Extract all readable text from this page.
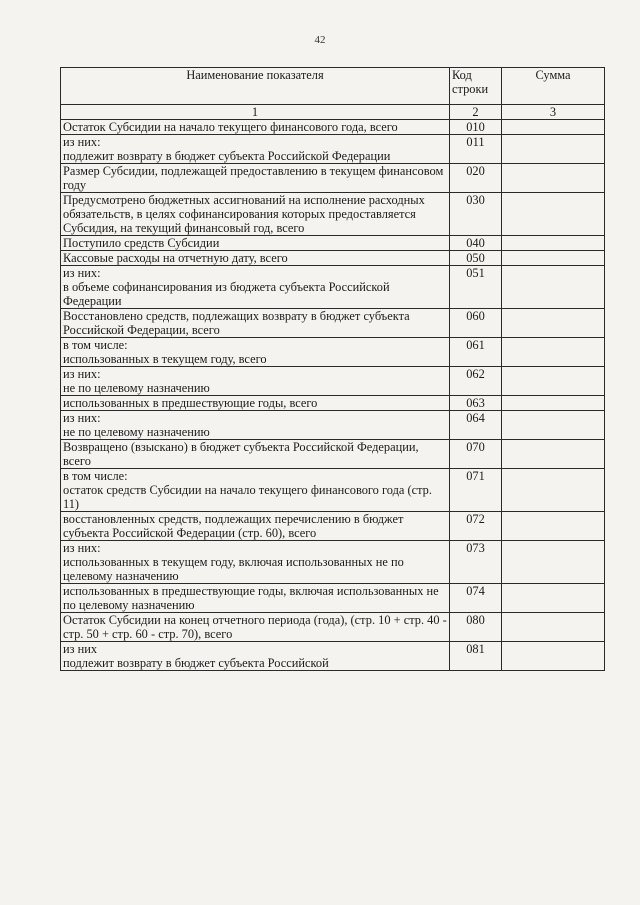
42
Наименование показателя	Код строки	Сумма
1	2	3
Остаток Субсидии на начало текущего финансового года, всего	010	
из них:
подлежит возврату в бюджет субъекта Российской Федерации	011	
Размер Субсидии, подлежащей предоставлению в текущем финансовом году	020	
Предусмотрено бюджетных ассигнований на исполнение расходных обязательств, в целях софинансирования которых предоставляется Субсидия, на текущий финансовый год, всего	030	
Поступило средств Субсидии	040	
Кассовые расходы на отчетную дату, всего	050	
из них:
в объеме софинансирования из бюджета субъекта Российской Федерации	051	
Восстановлено средств, подлежащих возврату в бюджет субъекта Российской Федерации, всего	060	
в том числе:
использованных в текущем году, всего	061	
из них:
не по целевому назначению	062	
использованных в предшествующие годы, всего	063	
из них:
не по целевому назначению	064	
Возвращено (взыскано) в бюджет субъекта Российской Федерации, всего	070	
в том числе:
остаток средств Субсидии на начало текущего финансового года (стр. 11)	071	
восстановленных средств, подлежащих перечислению в бюджет субъекта Российской Федерации (стр. 60), всего	072	
из них:
использованных в текущем году, включая использованных не по целевому назначению	073	
использованных в предшествующие годы, включая использованных не по целевому назначению	074	
Остаток Субсидии на конец отчетного периода (года), (стр. 10 + стр. 40 - стр. 50 + стр. 60 - стр. 70), всего	080	
из них
подлежит возврату в бюджет субъекта Российской	081	
